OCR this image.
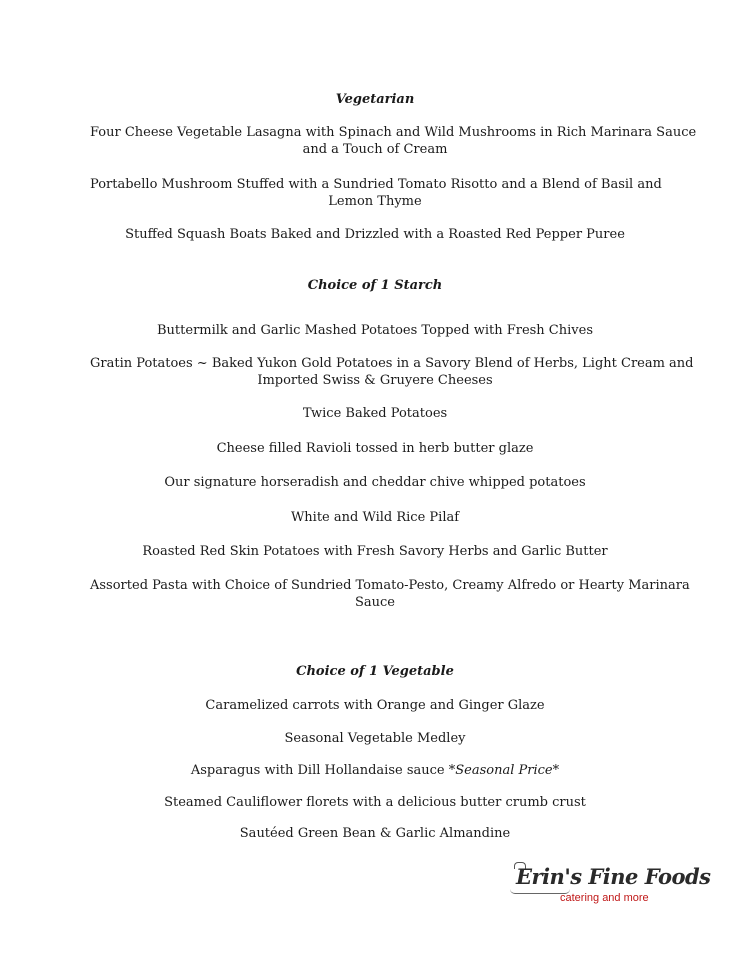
Vegetarian
Four Cheese Vegetable Lasagna with Spinach and Wild Mushrooms in Rich Marinara Sauce
and a Touch of Cream
Portabello Mushroom Stuffed with a Sundried Tomato Risotto and a Blend of Basil and
Lemon Thyme
Stuffed Squash Boats Baked and Drizzled with a Roasted Red Pepper Puree
Choice of 1 Starch
Buttermilk and Garlic Mashed Potatoes Topped with Fresh Chives
Gratin Potatoes ~ Baked Yukon Gold Potatoes in a Savory Blend of Herbs, Light Cream and
Imported Swiss & Gruyere Cheeses
Twice Baked Potatoes
Cheese filled Ravioli tossed in herb butter glaze
Our signature horseradish and cheddar chive whipped potatoes
White and Wild Rice Pilaf
Roasted Red Skin Potatoes with Fresh Savory Herbs and Garlic Butter
Assorted Pasta with Choice of Sundried Tomato-Pesto, Creamy Alfredo or Hearty Marinara
Sauce
Choice of 1 Vegetable
Caramelized carrots with Orange and Ginger Glaze
Seasonal Vegetable Medley
Asparagus with Dill Hollandaise sauce *Seasonal Price*
Steamed Cauliflower florets with a delicious butter crumb crust
Sautéed Green Bean & Garlic Almandine
Erin's Fine Foods
catering and more
